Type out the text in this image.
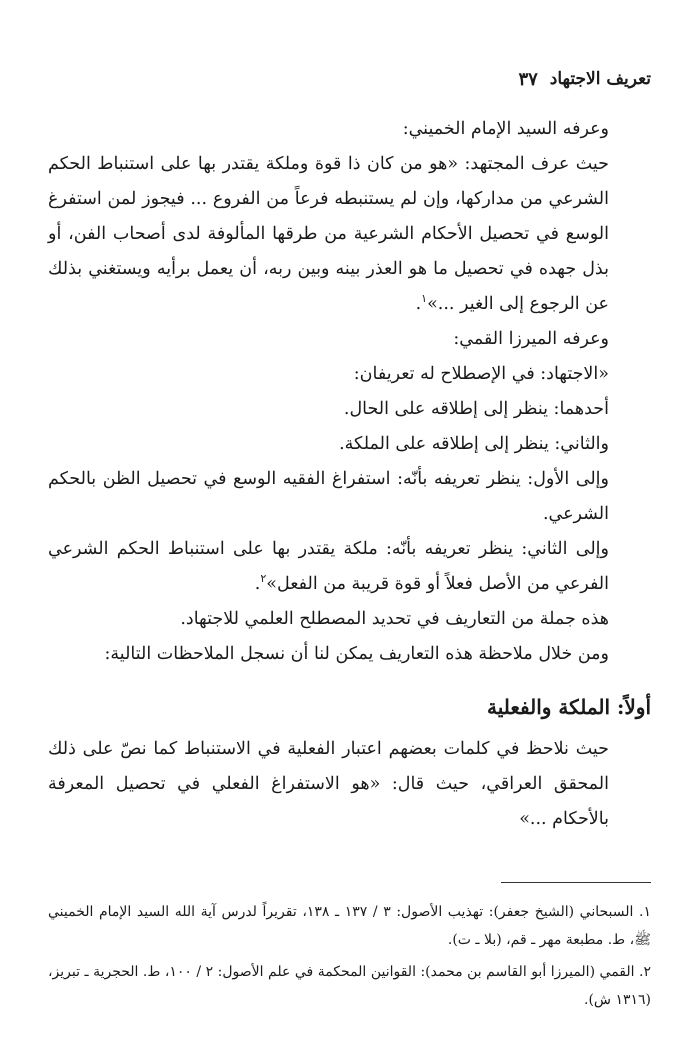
تعريف الاجتهاد
٣٧

وعرفه السيد الإمام الخميني:

حيث عرف المجتهد: «هو من كان ذا قوة وملكة يقتدر بها على استنباط الحكم الشرعي من مداركها، وإن لم يستنبطه فرعاً من الفروع ... فيجوز لمن استفرغ الوسع في تحصيل الأحكام الشرعية من طرقها المألوفة لدى أصحاب الفن، أو بذل جهده في تحصيل ما هو العذر بينه وبين ربه، أن يعمل برأيه ويستغني بذلك عن الرجوع إلى الغير ...»$^١$.

وعرفه الميرزا القمي:

«الاجتهاد: في الإصطلاح له تعريفان:

أحدهما: ينظر إلى إطلاقه على الحال.

والثاني: ينظر إلى إطلاقه على الملكة.

وإلى الأول: ينظر تعريفه بأنّه: استفراغ الفقيه الوسع في تحصيل الظن بالحكم الشرعي.

وإلى الثاني: ينظر تعريفه بأنّه: ملكة يقتدر بها على استنباط الحكم الشرعي الفرعي من الأصل فعلاً أو قوة قريبة من الفعل»$^٢$.

هذه جملة من التعاريف في تحديد المصطلح العلمي للاجتهاد.

ومن خلال ملاحظة هذه التعاريف يمكن لنا أن نسجل الملاحظات التالية:

أولاً: الملكة والفعلية

حيث نلاحظ في كلمات بعضهم اعتبار الفعلية في الاستنباط كما نصّ على ذلك المحقق العراقي، حيث قال: «هو الاستفراغ الفعلي في تحصيل المعرفة بالأحكام ...»

١. السبحاني (الشيخ جعفر): تهذيب الأصول: ٣ / ١٣٧ ـ ١٣٨، تقريراً لدرس آية الله السيد الإمام الخميني ﷺ، ط. مطبعة مهر ـ قم، (بلا ـ ت).

٢. القمي (الميرزا أبو القاسم بن محمد): القوانين المحكمة في علم الأصول: ٢ / ١٠٠، ط. الحجرية ـ تبريز، (١٣١٦ ش).
